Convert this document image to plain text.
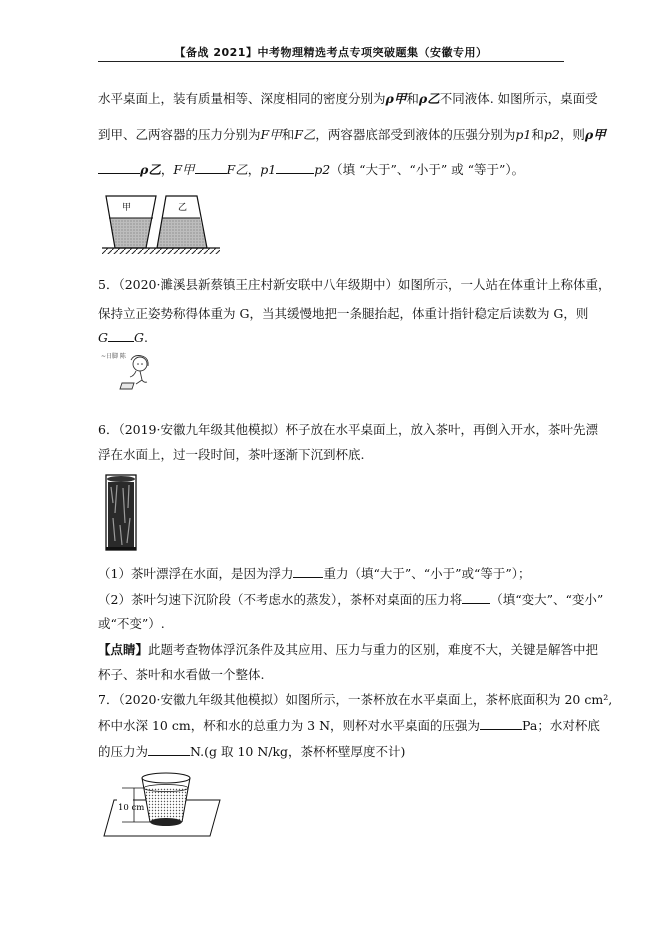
【备战 2021】中考物理精选考点专项突破题集（安徽专用）
水平桌面上，装有质量相等、深度相同的密度分别为ρ甲和ρ乙不同液体. 如图所示，桌面受
到甲、乙两容器的压力分别为F甲和F乙，两容器底部受到液体的压强分别为p1和p2，则ρ甲
ρ乙，F甲	F乙，p1	p2（填 “大于”、“小于” 或 “等于”）。
甲	乙
5．（2020·濉溪县新蔡镇王庄村新安联中八年级期中）如图所示，一人站在体重计上称体重，
保持立正姿势称得体重为 G，当其缓慢地把一条腿抬起，体重计指针稳定后读数为 G，则
G G.
~日脚 陈
6．（2019·安徽九年级其他模拟）杯子放在水平桌面上，放入茶叶，再倒入开水，茶叶先漂
浮在水面上，过一段时间，茶叶逐渐下沉到杯底.
（1）茶叶漂浮在水面，是因为浮力 重力（填“大于”、“小于”或“等于”）；
（2）茶叶匀速下沉阶段（不考虑水的蒸发），茶杯对桌面的压力将 （填“变大”、“变小”
或“不变”）.
【点睛】此题考查物体浮沉条件及其应用、压力与重力的区别，难度不大，关键是解答中把
杯子、茶叶和水看做一个整体.
7．（2020·安徽九年级其他模拟）如图所示，一茶杯放在水平桌面上，茶杯底面积为 20 cm²,
杯中水深 10 cm，杯和水的总重力为 3 N，则杯对水平桌面的压强为	Pa；水对杯底
的压力为	N.(g 取 10 N/kg，茶杯杯壁厚度不计)
10 cm
